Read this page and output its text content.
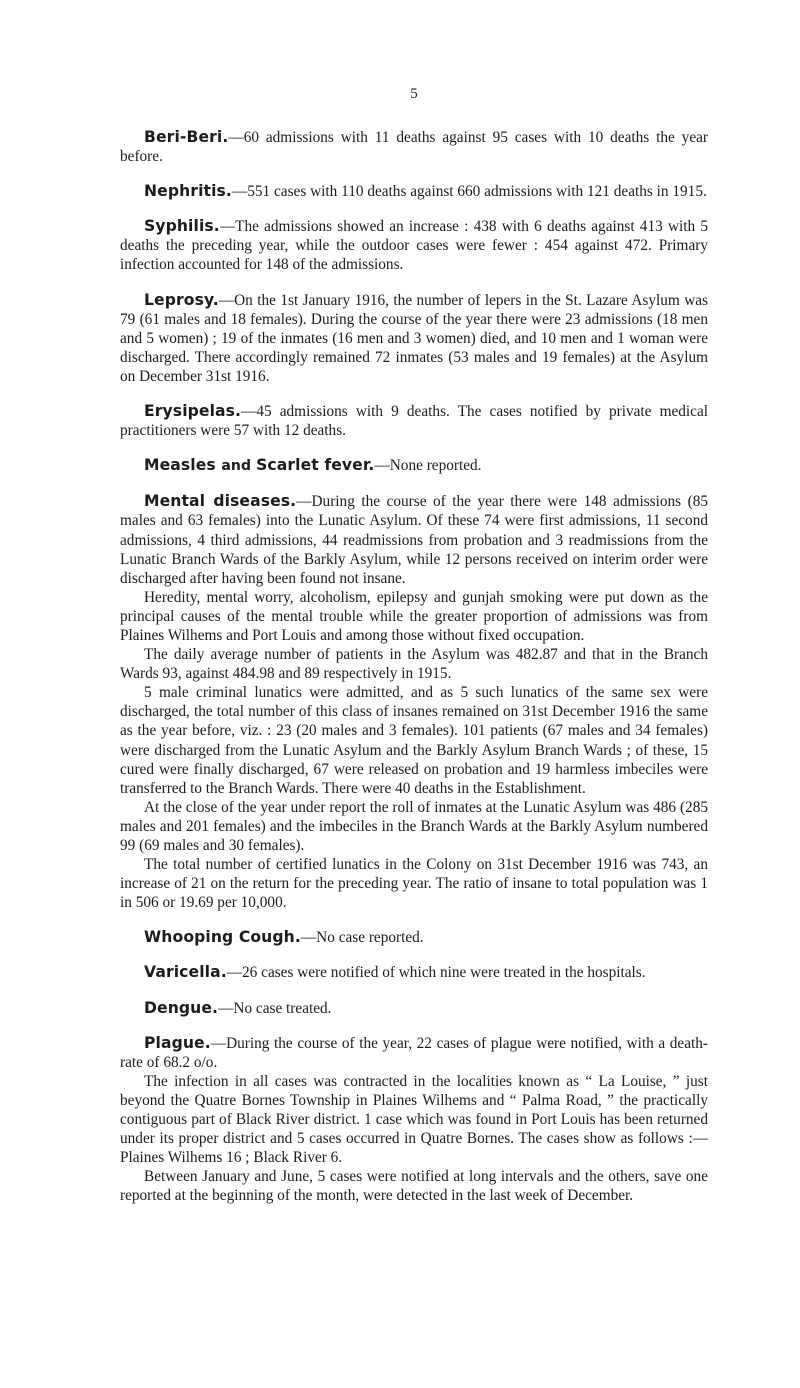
5

Beri-Beri.—60 admissions with 11 deaths against 95 cases with 10 deaths the year before.

Nephritis.—551 cases with 110 deaths against 660 admissions with 121 deaths in 1915.

Syphilis.—The admissions showed an increase : 438 with 6 deaths against 413 with 5 deaths the preceding year, while the outdoor cases were fewer : 454 against 472. Primary infection accounted for 148 of the admissions.

Leprosy.—On the 1st January 1916, the number of lepers in the St. Lazare Asylum was 79 (61 males and 18 females). During the course of the year there were 23 admissions (18 men and 5 women) ; 19 of the inmates (16 men and 3 women) died, and 10 men and 1 woman were discharged. There accordingly remained 72 inmates (53 males and 19 females) at the Asylum on December 31st 1916.

Erysipelas.—45 admissions with 9 deaths. The cases notified by private medical practitioners were 57 with 12 deaths.

Measles and Scarlet fever.—None reported.

Mental diseases.—During the course of the year there were 148 admissions (85 males and 63 females) into the Lunatic Asylum. Of these 74 were first admissions, 11 second admissions, 4 third admissions, 44 readmissions from probation and 3 readmissions from the Lunatic Branch Wards of the Barkly Asylum, while 12 persons received on interim order were discharged after having been found not insane.

Heredity, mental worry, alcoholism, epilepsy and gunjah smoking were put down as the principal causes of the mental trouble while the greater proportion of admissions was from Plaines Wilhems and Port Louis and among those without fixed occupation.

The daily average number of patients in the Asylum was 482.87 and that in the Branch Wards 93, against 484.98 and 89 respectively in 1915.

5 male criminal lunatics were admitted, and as 5 such lunatics of the same sex were discharged, the total number of this class of insanes remained on 31st December 1916 the same as the year before, viz. : 23 (20 males and 3 females). 101 patients (67 males and 34 females) were discharged from the Lunatic Asylum and the Barkly Asylum Branch Wards ; of these, 15 cured were finally discharged, 67 were released on probation and 19 harmless imbeciles were transferred to the Branch Wards. There were 40 deaths in the Establishment.

At the close of the year under report the roll of inmates at the Lunatic Asylum was 486 (285 males and 201 females) and the imbeciles in the Branch Wards at the Barkly Asylum numbered 99 (69 males and 30 females).

The total number of certified lunatics in the Colony on 31st December 1916 was 743, an increase of 21 on the return for the preceding year. The ratio of insane to total population was 1 in 506 or 19.69 per 10,000.

Whooping Cough.—No case reported.

Varicella.—26 cases were notified of which nine were treated in the hospitals.

Dengue.—No case treated.

Plague.—During the course of the year, 22 cases of plague were notified, with a death-rate of 68.2 o/o.

The infection in all cases was contracted in the localities known as “ La Louise, ” just beyond the Quatre Bornes Township in Plaines Wilhems and “ Palma Road, ” the practically contiguous part of Black River district. 1 case which was found in Port Louis has been returned under its proper district and 5 cases occurred in Quatre Bornes. The cases show as follows :— Plaines Wilhems 16 ; Black River 6.

Between January and June, 5 cases were notified at long intervals and the others, save one reported at the beginning of the month, were detected in the last week of December.
